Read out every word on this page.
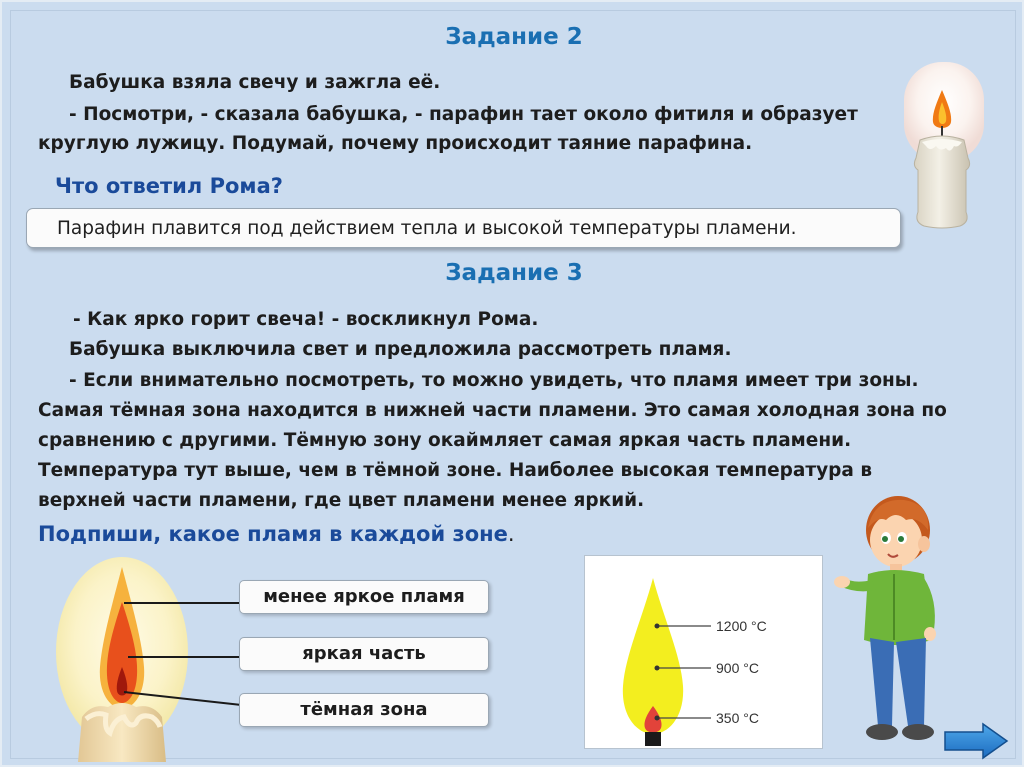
Задание 2
Бабушка взяла свечу и зажгла её.
- Посмотри, - сказала бабушка, - парафин тает около фитиля и образует
круглую лужицу. Подумай, почему происходит таяние парафина.
Что ответил Рома?
Парафин плавится под действием тепла и высокой температуры пламени.
Задание 3
- Как ярко горит свеча! - воскликнул Рома.
Бабушка выключила свет и предложила рассмотреть пламя.
- Если внимательно посмотреть, то можно увидеть, что пламя имеет три зоны.
Самая тёмная зона находится в нижней части пламени. Это самая холодная зона по
сравнению с другими. Тёмную зону окаймляет самая яркая часть пламени.
Температура тут выше, чем в тёмной зоне. Наиболее высокая температура в
верхней части пламени, где цвет пламени менее яркий.
Подпиши, какое пламя в каждой зоне.
менее яркое пламя
яркая часть
тёмная зона
1200 °C
900 °C
350 °C
